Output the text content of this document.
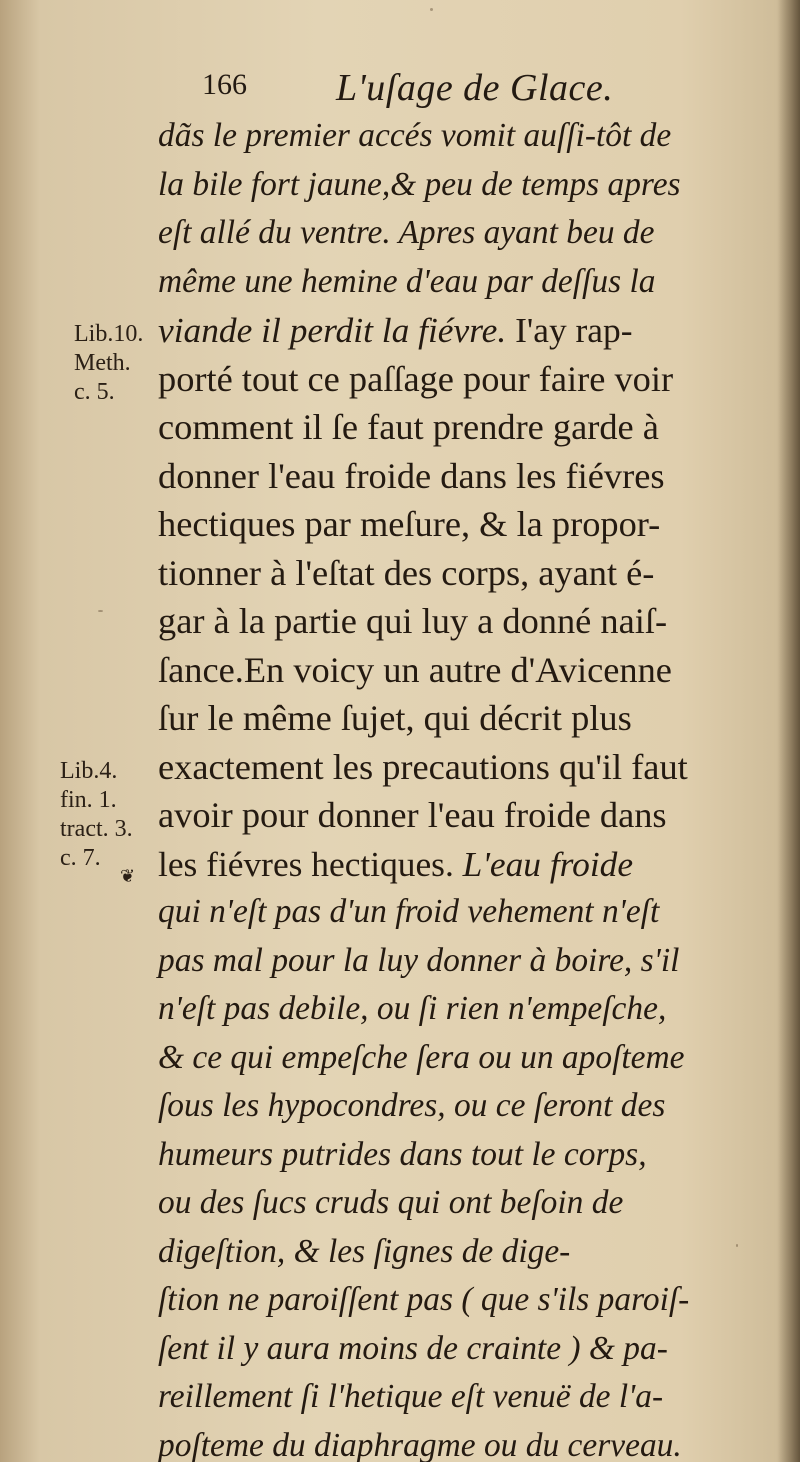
166 L'uſage de Glace.
Lib.10.
Meth.
c. 5.
Lib.4.
fin. 1.
tract. 3.
c. 7.
❦
dãs le premier accés vomit auſſi-tôt de
la bile fort jaune,& peu de temps apres
eſt allé du ventre. Apres ayant beu de
même une hemine d'eau par deſſus la
viande il perdit la fiévre. I'ay rap-
porté tout ce paſſage pour faire voir
comment il ſe faut prendre garde à
donner l'eau froide dans les fiévres
hectiques par meſure, & la propor-
tionner à l'eſtat des corps, ayant é-
gar à la partie qui luy a donné naiſ-
ſance.En voicy un autre d'Avicenne
ſur le même ſujet, qui décrit plus
exactement les precautions qu'il faut
avoir pour donner l'eau froide dans
les fiévres hectiques. L'eau froide
qui n'eſt pas d'un froid vehement n'eſt
pas mal pour la luy donner à boire, s'il
n'eſt pas debile, ou ſi rien n'empeſche,
& ce qui empeſche ſera ou un apoſteme
ſous les hypocondres, ou ce ſeront des
humeurs putrides dans tout le corps,
ou des ſucs cruds qui ont beſoin de
digeſtion, & les ſignes de dige-
ſtion ne paroiſſent pas ( que s'ils paroiſ-
ſent il y aura moins de crainte ) & pa-
reillement ſi l'hetique eſt venuë de l'a-
poſteme du diaphragme ou du cerveau.
